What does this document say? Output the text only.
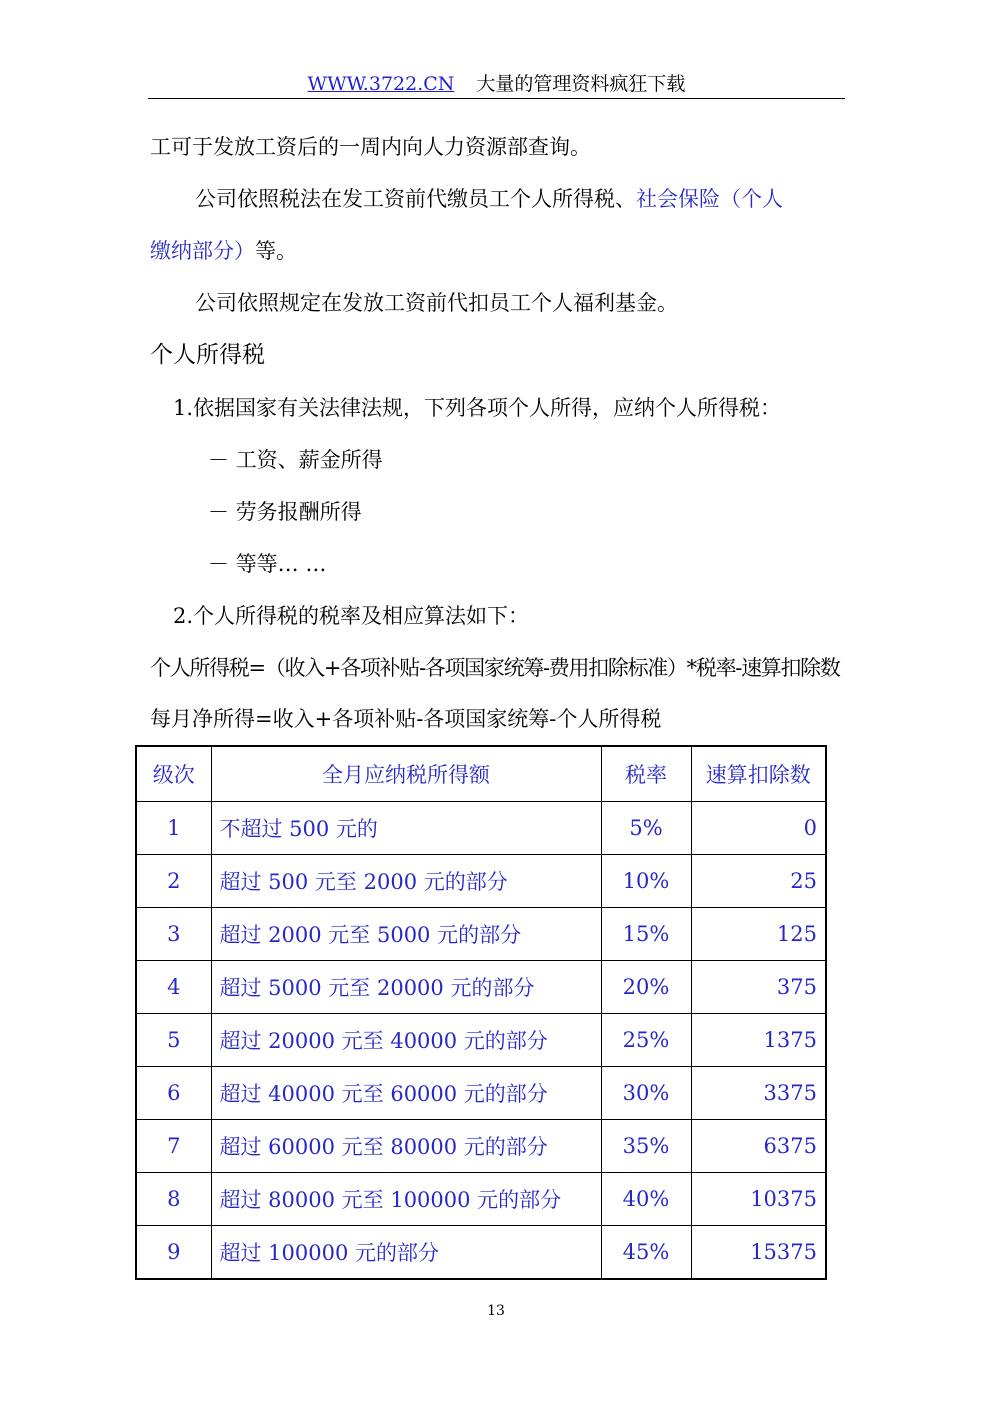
WWW.3722.CN 大量的管理资料疯狂下载
工可于发放工资后的一周内向人力资源部查询。
公司依照税法在发工资前代缴员工个人所得税、社会保险（个人
缴纳部分）等。
公司依照规定在发放工资前代扣员工个人福利基金。
个人所得税
1.依据国家有关法律法规，下列各项个人所得，应纳个人所得税：
－ 工资、薪金所得
－ 劳务报酬所得
－ 等等… …
2.个人所得税的税率及相应算法如下：
个人所得税=（收入+各项补贴-各项国家统筹-费用扣除标准）*税率-速算扣除数
每月净所得=收入+各项补贴-各项国家统筹-个人所得税
级次	全月应纳税所得额	税率	速算扣除数
1	不超过 500 元的	5%	0
2	超过 500 元至 2000 元的部分	10%	25
3	超过 2000 元至 5000 元的部分	15%	125
4	超过 5000 元至 20000 元的部分	20%	375
5	超过 20000 元至 40000 元的部分	25%	1375
6	超过 40000 元至 60000 元的部分	30%	3375
7	超过 60000 元至 80000 元的部分	35%	6375
8	超过 80000 元至 100000 元的部分	40%	10375
9	超过 100000 元的部分	45%	15375
13
